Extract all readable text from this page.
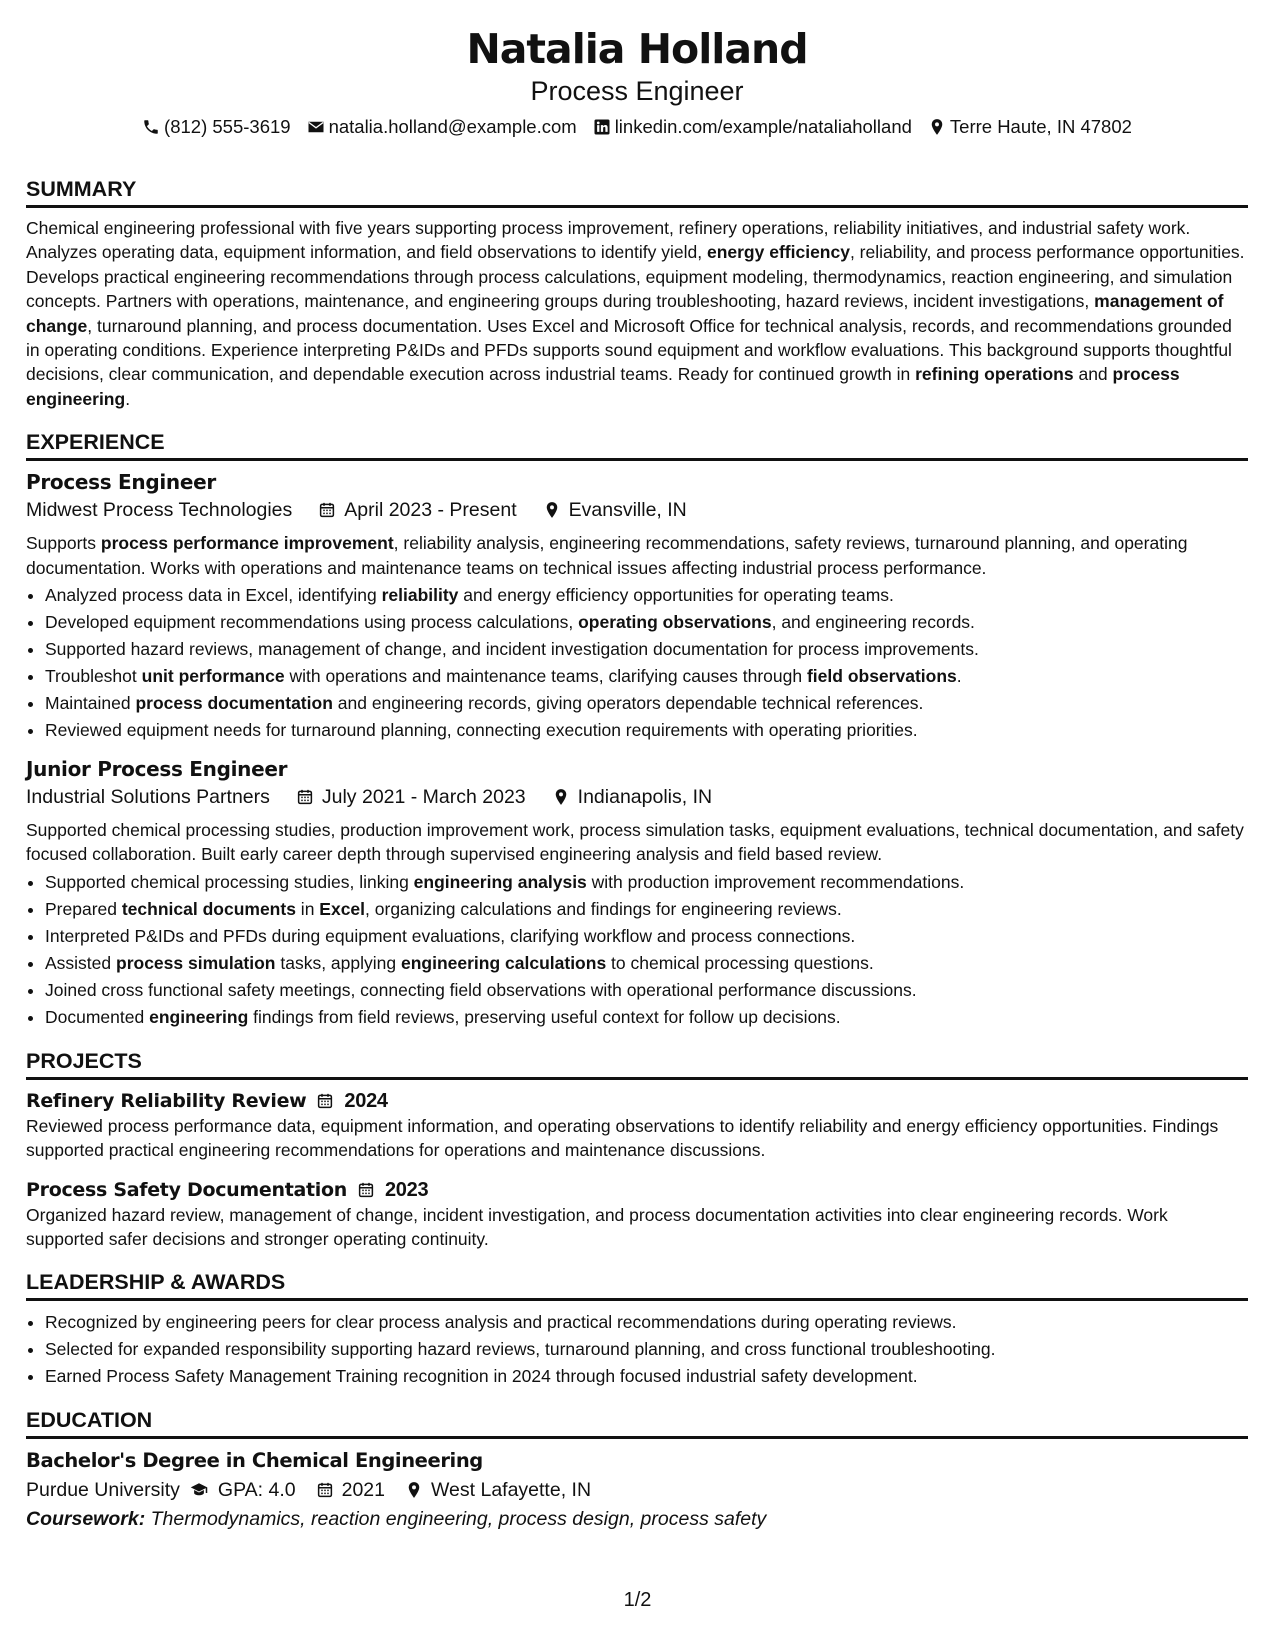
Natalia Holland
Process Engineer
(812) 555-3619 natalia.holland@example.com linkedin.com/example/nataliaholland Terre Haute, IN 47802
SUMMARY
Chemical engineering professional with five years supporting process improvement, refinery operations, reliability initiatives, and industrial safety work. Analyzes operating data, equipment information, and field observations to identify yield, energy efficiency, reliability, and process performance opportunities. Develops practical engineering recommendations through process calculations, equipment modeling, thermodynamics, reaction engineering, and simulation concepts. Partners with operations, maintenance, and engineering groups during troubleshooting, hazard reviews, incident investigations, management of change, turnaround planning, and process documentation. Uses Excel and Microsoft Office for technical analysis, records, and recommendations grounded in operating conditions. Experience interpreting P&IDs and PFDs supports sound equipment and workflow evaluations. This background supports thoughtful decisions, clear communication, and dependable execution across industrial teams. Ready for continued growth in refining operations and process engineering.
EXPERIENCE
Process Engineer
Midwest Process Technologies	April 2023 - Present	Evansville, IN
Supports process performance improvement, reliability analysis, engineering recommendations, safety reviews, turnaround planning, and operating documentation. Works with operations and maintenance teams on technical issues affecting industrial process performance.
• Analyzed process data in Excel, identifying reliability and energy efficiency opportunities for operating teams.
• Developed equipment recommendations using process calculations, operating observations, and engineering records.
• Supported hazard reviews, management of change, and incident investigation documentation for process improvements.
• Troubleshot unit performance with operations and maintenance teams, clarifying causes through field observations.
• Maintained process documentation and engineering records, giving operators dependable technical references.
• Reviewed equipment needs for turnaround planning, connecting execution requirements with operating priorities.
Junior Process Engineer
Industrial Solutions Partners	July 2021 - March 2023	Indianapolis, IN
Supported chemical processing studies, production improvement work, process simulation tasks, equipment evaluations, technical documentation, and safety focused collaboration. Built early career depth through supervised engineering analysis and field based review.
• Supported chemical processing studies, linking engineering analysis with production improvement recommendations.
• Prepared technical documents in Excel, organizing calculations and findings for engineering reviews.
• Interpreted P&IDs and PFDs during equipment evaluations, clarifying workflow and process connections.
• Assisted process simulation tasks, applying engineering calculations to chemical processing questions.
• Joined cross functional safety meetings, connecting field observations with operational performance discussions.
• Documented engineering findings from field reviews, preserving useful context for follow up decisions.
PROJECTS
Refinery Reliability Review 2024
Reviewed process performance data, equipment information, and operating observations to identify reliability and energy efficiency opportunities. Findings supported practical engineering recommendations for operations and maintenance discussions.
Process Safety Documentation 2023
Organized hazard review, management of change, incident investigation, and process documentation activities into clear engineering records. Work supported safer decisions and stronger operating continuity.
LEADERSHIP & AWARDS
• Recognized by engineering peers for clear process analysis and practical recommendations during operating reviews.
• Selected for expanded responsibility supporting hazard reviews, turnaround planning, and cross functional troubleshooting.
• Earned Process Safety Management Training recognition in 2024 through focused industrial safety development.
EDUCATION
Bachelor's Degree in Chemical Engineering
Purdue University GPA: 4.0 2021 West Lafayette, IN
Coursework: Thermodynamics, reaction engineering, process design, process safety
1/2
